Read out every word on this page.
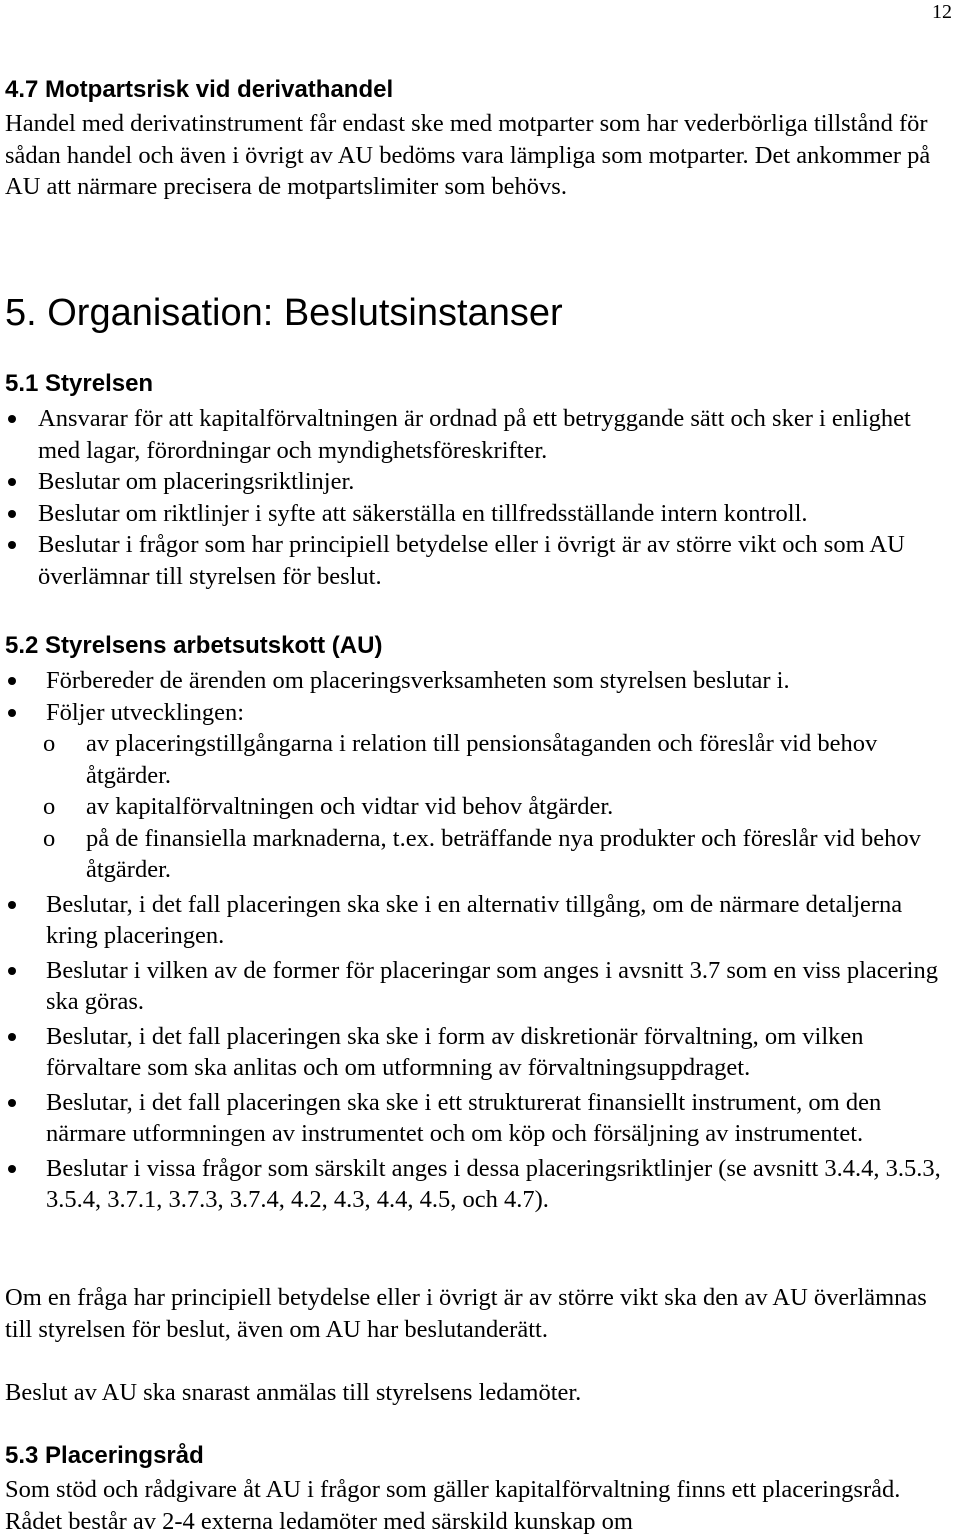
12
4.7 Motpartsrisk vid derivathandel

Handel med derivatinstrument får endast ske med motparter som har vederbörliga tillstånd för sådan handel och även i övrigt av AU bedöms vara lämpliga som motparter. Det ankommer på AU att närmare precisera de motpartslimiter som behövs.

5. Organisation: Beslutsinstanser
5.1 Styrelsen
Ansvarar för att kapitalförvaltningen är ordnad på ett betryggande sätt och sker i enlighet med lagar, förordningar och myndighetsföreskrifter.
Beslutar om placeringsriktlinjer.
Beslutar om riktlinjer i syfte att säkerställa en tillfredsställande intern kontroll.
Beslutar i frågor som har principiell betydelse eller i övrigt är av större vikt och som AU överlämnar till styrelsen för beslut.
5.2 Styrelsens arbetsutskott (AU)
Förbereder de ärenden om placeringsverksamheten som styrelsen beslutar i.
Följer utvecklingen:
o av placeringstillgångarna i relation till pensionsåtaganden och föreslår vid behov åtgärder.
o av kapitalförvaltningen och vidtar vid behov åtgärder.
o på de finansiella marknaderna, t.ex. beträffande nya produkter och föreslår vid behov åtgärder.
Beslutar, i det fall placeringen ska ske i en alternativ tillgång, om de närmare detaljerna kring placeringen.
Beslutar i vilken av de former för placeringar som anges i avsnitt 3.7 som en viss placering ska göras.
Beslutar, i det fall placeringen ska ske i form av diskretionär förvaltning, om vilken förvaltare som ska anlitas och om utformning av förvaltningsuppdraget.
Beslutar, i det fall placeringen ska ske i ett strukturerat finansiellt instrument, om den närmare utformningen av instrumentet och om köp och försäljning av instrumentet.
Beslutar i vissa frågor som särskilt anges i dessa placeringsriktlinjer (se avsnitt 3.4.4, 3.5.3, 3.5.4, 3.7.1, 3.7.3, 3.7.4, 4.2, 4.3, 4.4, 4.5, och 4.7).

Om en fråga har principiell betydelse eller i övrigt är av större vikt ska den av AU överlämnas till styrelsen för beslut, även om AU har beslutanderätt.

Beslut av AU ska snarast anmälas till styrelsens ledamöter.

5.3 Placeringsråd

Som stöd och rådgivare åt AU i frågor som gäller kapitalförvaltning finns ett placeringsråd. Rådet består av 2-4 externa ledamöter med särskild kunskap om
